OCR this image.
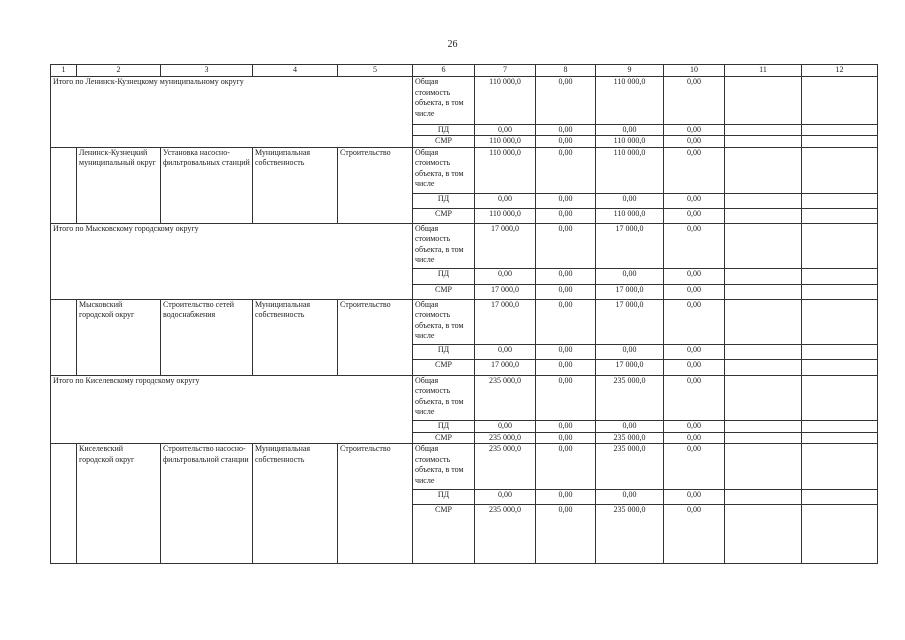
26
1	2	3	4	5	6	7	8	9	10	11	12
Итого по Ленинск-Кузнецкому муниципальному округу					Общая стоимость объекта, в том числе	110 000,0	0,00	110 000,0	0,00		
					ПД	0,00	0,00	0,00	0,00		
					СМР	110 000,0	0,00	110 000,0	0,00		
	Ленинск-Кузнецкий муниципальный округ	Установка насосно-фильтровальных станций	Муниципальная собственность	Строительство	Общая стоимость объекта, в том числе	110 000,0	0,00	110 000,0	0,00		
					ПД	0,00	0,00	0,00	0,00		
					СМР	110 000,0	0,00	110 000,0	0,00		
Итого по Мысковскому городскому округу					Общая стоимость объекта, в том числе	17 000,0	0,00	17 000,0	0,00		
					ПД	0,00	0,00	0,00	0,00		
					СМР	17 000,0	0,00	17 000,0	0,00		
	Мысковский городской округ	Строительство сетей водоснабжения	Муниципальная собственность	Строительство	Общая стоимость объекта, в том числе	17 000,0	0,00	17 000,0	0,00		
					ПД	0,00	0,00	0,00	0,00		
					СМР	17 000,0	0,00	17 000,0	0,00		
Итого по Киселевскому городскому округу					Общая стоимость объекта, в том числе	235 000,0	0,00	235 000,0	0,00		
					ПД	0,00	0,00	0,00	0,00		
					СМР	235 000,0	0,00	235 000,0	0,00		
	Киселевский городской округ	Строительство насосно-фильтровальной станции	Муниципальная собственность	Строительство	Общая стоимость объекта, в том числе	235 000,0	0,00	235 000,0	0,00		
					ПД	0,00	0,00	0,00	0,00		
					СМР	235 000,0	0,00	235 000,0	0,00		
